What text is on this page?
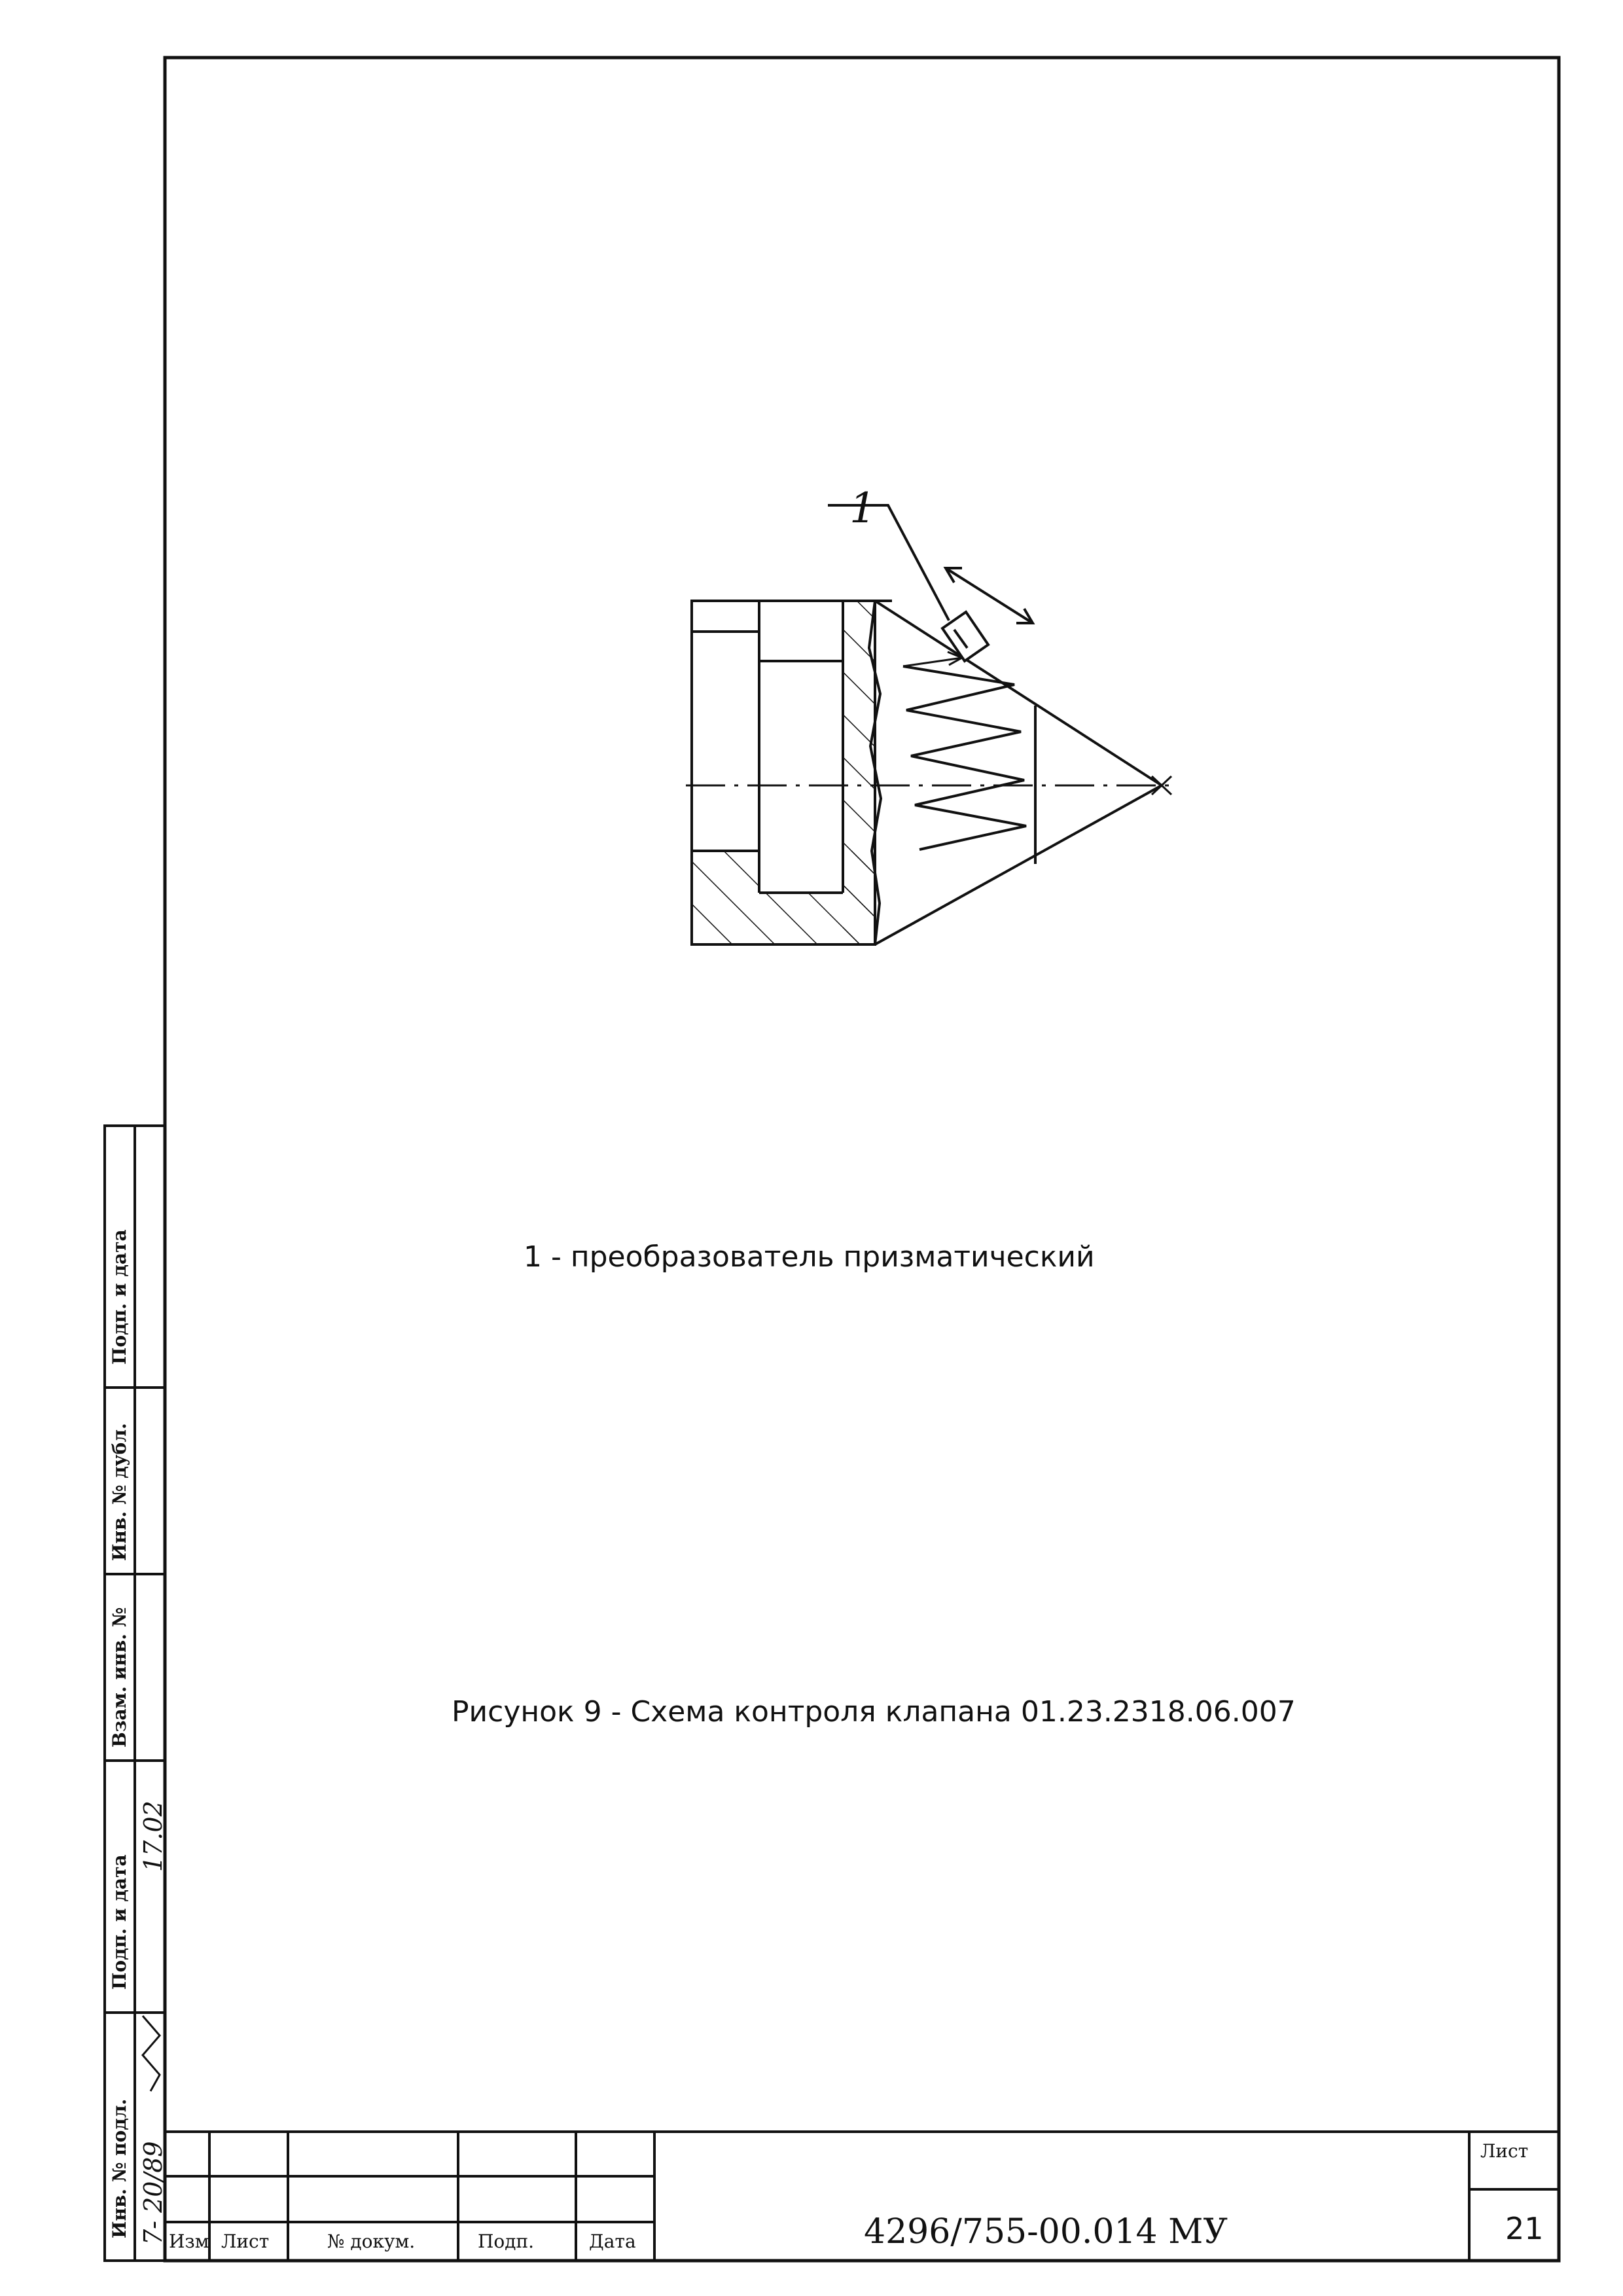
1
1 - преобразователь призматический
Рисунок 9 - Схема контроля клапана 01.23.2318.06.007
4296/755-00.014 МУ
Лист
21
Изм Лист	№ докум.	Подп.	Дата
Инв. № подл.
Подп. и дата
Взам. инв. №
Инв. № дубл.
Подп. и дата
7- 20/89
17.02
